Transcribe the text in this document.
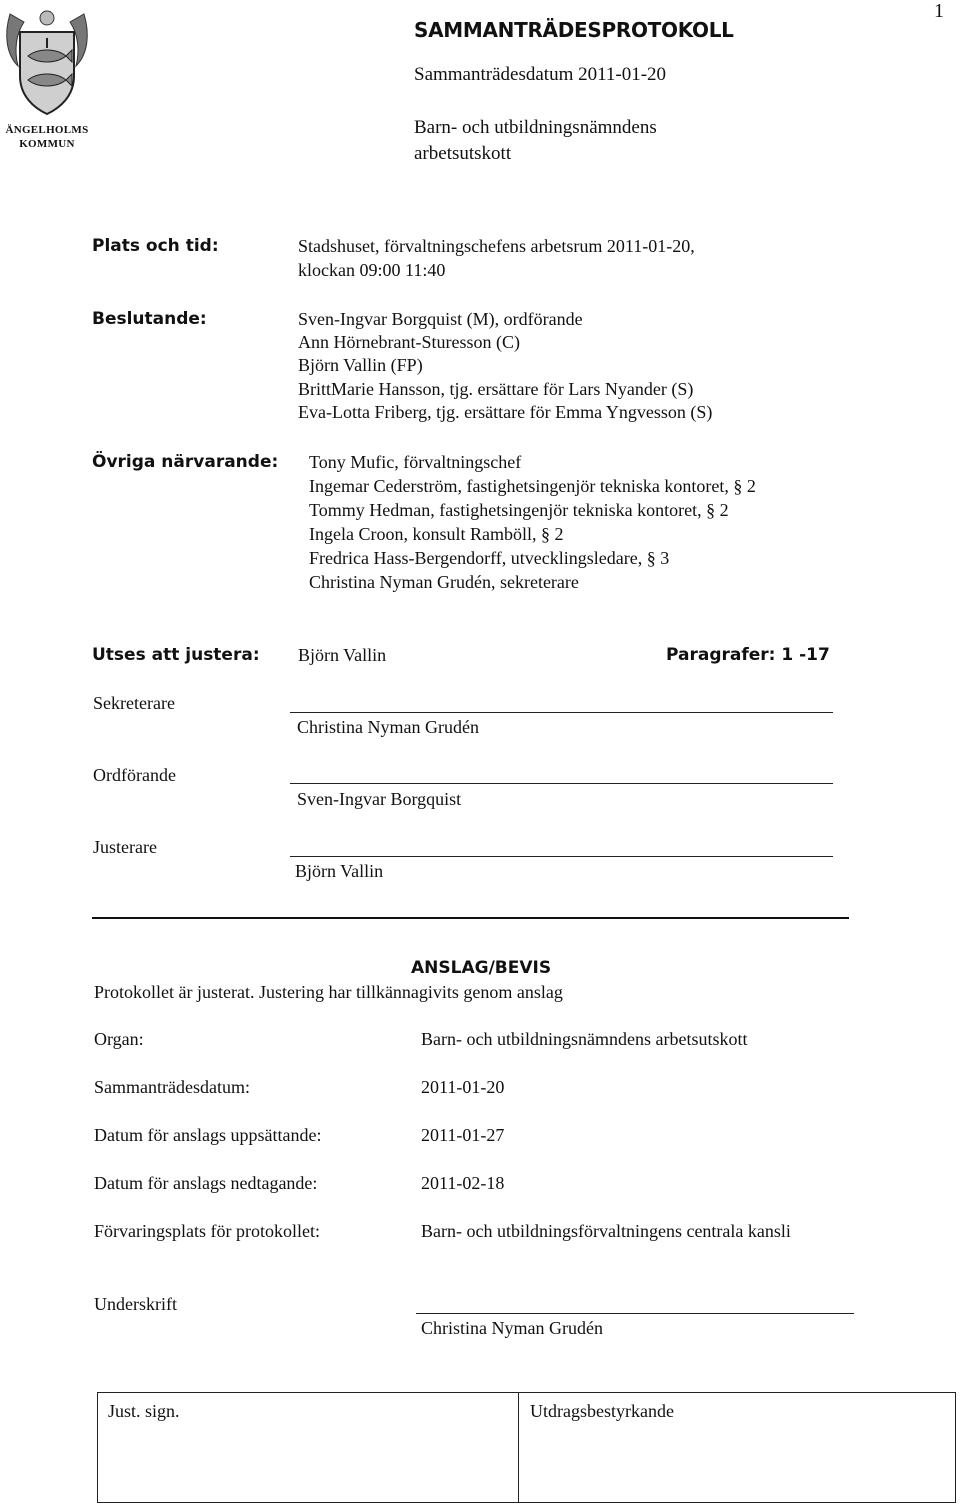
1
ÄNGELHOLMS
KOMMUN
SAMMANTRÄDESPROTOKOLL
Sammanträdesdatum 2011-01-20
Barn- och utbildningsnämndens
arbetsutskott
Plats och tid:	Stadshuset, förvaltningschefens arbetsrum 2011-01-20,
klockan 09:00 11:40
Beslutande:	Sven-Ingvar Borgquist (M), ordförande
Ann Hörnebrant-Sturesson (C)
Björn Vallin (FP)
BrittMarie Hansson, tjg. ersättare för Lars Nyander (S)
Eva-Lotta Friberg, tjg. ersättare för Emma Yngvesson (S)
Övriga närvarande: Tony Mufic, förvaltningschef
Ingemar Cederström, fastighetsingenjör tekniska kontoret, § 2
Tommy Hedman, fastighetsingenjör tekniska kontoret, § 2
Ingela Croon, konsult Ramböll, § 2
Fredrica Hass-Bergendorff, utvecklingsledare, § 3
Christina Nyman Grudén, sekreterare
Utses att justera: Björn Vallin	Paragrafer: 1 -17
Sekreterare
Christina Nyman Grudén
Ordförande
Sven-Ingvar Borgquist
Justerare
Björn Vallin
ANSLAG/BEVIS
Protokollet är justerat. Justering har tillkännagivits genom anslag
Organ:	Barn- och utbildningsnämndens arbetsutskott
Sammanträdesdatum:	2011-01-20
Datum för anslags uppsättande:	2011-01-27
Datum för anslags nedtagande:	2011-02-18
Förvaringsplats för protokollet:	Barn- och utbildningsförvaltningens centrala kansli
Underskrift
Christina Nyman Grudén
Just. sign.	Utdragsbestyrkande
